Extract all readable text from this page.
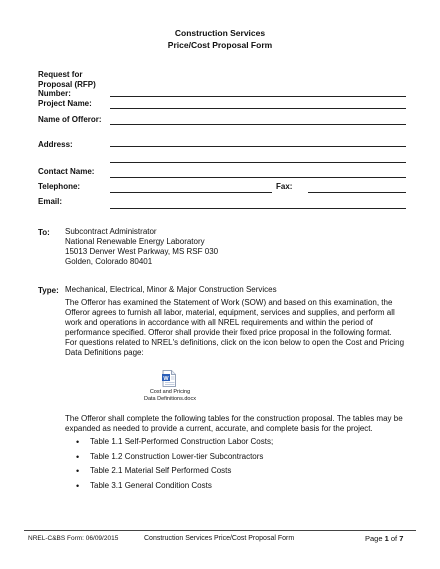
Construction Services
Price/Cost Proposal Form
Request for
Proposal (RFP)
Number:
Project Name:
Name of Offeror:
Address:
Contact Name:
Telephone:	Fax:
Email:
To: Subcontract Administrator
National Renewable Energy Laboratory
15013 Denver West Parkway, MS RSF 030
Golden, Colorado 80401
Type: Mechanical, Electrical, Minor & Major Construction Services
The Offeror has examined the Statement of Work (SOW) and based on this examination, the
Offeror agrees to furnish all labor, material, equipment, services and supplies, and perform all
work and operations in accordance with all NREL requirements and within the period of
performance specified. Offeror shall provide their fixed price proposal in the following format.
For questions related to NREL's definitions, click on the icon below to open the Cost and Pricing
Data Definitions page:
W
Cost and Pricing
Data Definitions.docx
The Offeror shall complete the following tables for the construction proposal. The tables may be
expanded as needed to provide a current, accurate, and complete basis for the project.
• Table 1.1 Self-Performed Construction Labor Costs;
• Table 1.2 Construction Lower-tier Subcontractors
• Table 2.1 Material Self Performed Costs
• Table 3.1 General Condition Costs
NREL-C&BS Form: 06/09/2015	Construction Services Price/Cost Proposal Form	Page 1 of 7
